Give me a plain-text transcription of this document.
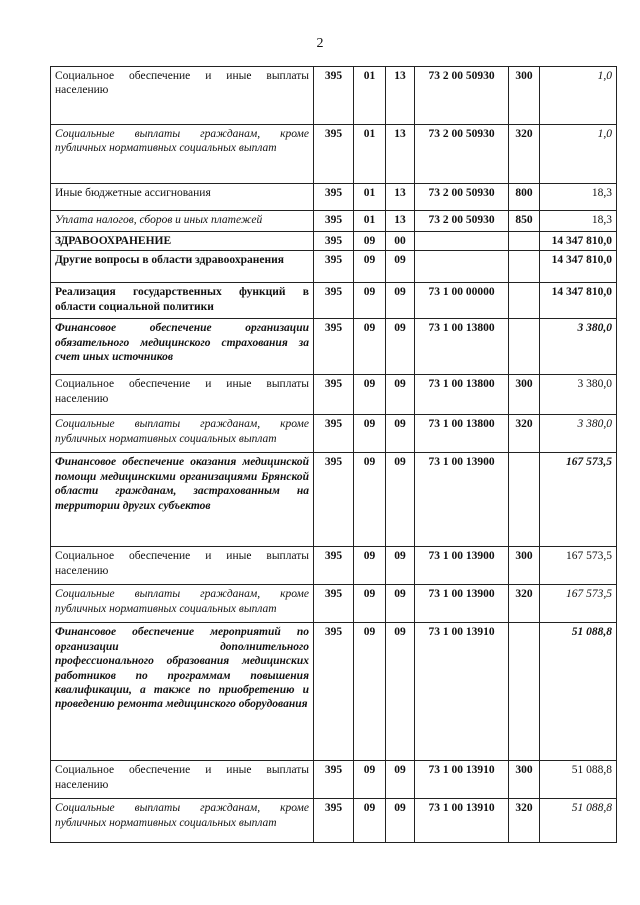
2
Социальное обеспечение и иные выплаты населению	395	01	13	73 2 00 50930	300	1,0
Социальные выплаты гражданам, кроме публичных нормативных социальных выплат	395	01	13	73 2 00 50930	320	1,0
Иные бюджетные ассигнования	395	01	13	73 2 00 50930	800	18,3
Уплата налогов, сборов и иных платежей	395	01	13	73 2 00 50930	850	18,3
ЗДРАВООХРАНЕНИЕ	395	09	00			14 347 810,0
Другие вопросы в области здравоохранения	395	09	09			14 347 810,0
Реализация государственных функций в области социальной политики	395	09	09	73 1 00 00000		14 347 810,0
Финансовое обеспечение организации обязательного медицинского страхования за счет иных источников	395	09	09	73 1 00 13800		3 380,0
Социальное обеспечение и иные выплаты населению	395	09	09	73 1 00 13800	300	3 380,0
Социальные выплаты гражданам, кроме публичных нормативных социальных выплат	395	09	09	73 1 00 13800	320	3 380,0
Финансовое обеспечение оказания медицинской помощи медицинскими организациями Брянской области гражданам, застрахованным на территории других субъектов	395	09	09	73 1 00 13900		167 573,5
Социальное обеспечение и иные выплаты населению	395	09	09	73 1 00 13900	300	167 573,5
Социальные выплаты гражданам, кроме публичных нормативных социальных выплат	395	09	09	73 1 00 13900	320	167 573,5
Финансовое обеспечение мероприятий по организации дополнительного профессионального образования медицинских работников по программам повышения квалификации, а также по приобретению и проведению ремонта медицинского оборудования	395	09	09	73 1 00 13910		51 088,8
Социальное обеспечение и иные выплаты населению	395	09	09	73 1 00 13910	300	51 088,8
Социальные выплаты гражданам, кроме публичных нормативных социальных выплат	395	09	09	73 1 00 13910	320	51 088,8
